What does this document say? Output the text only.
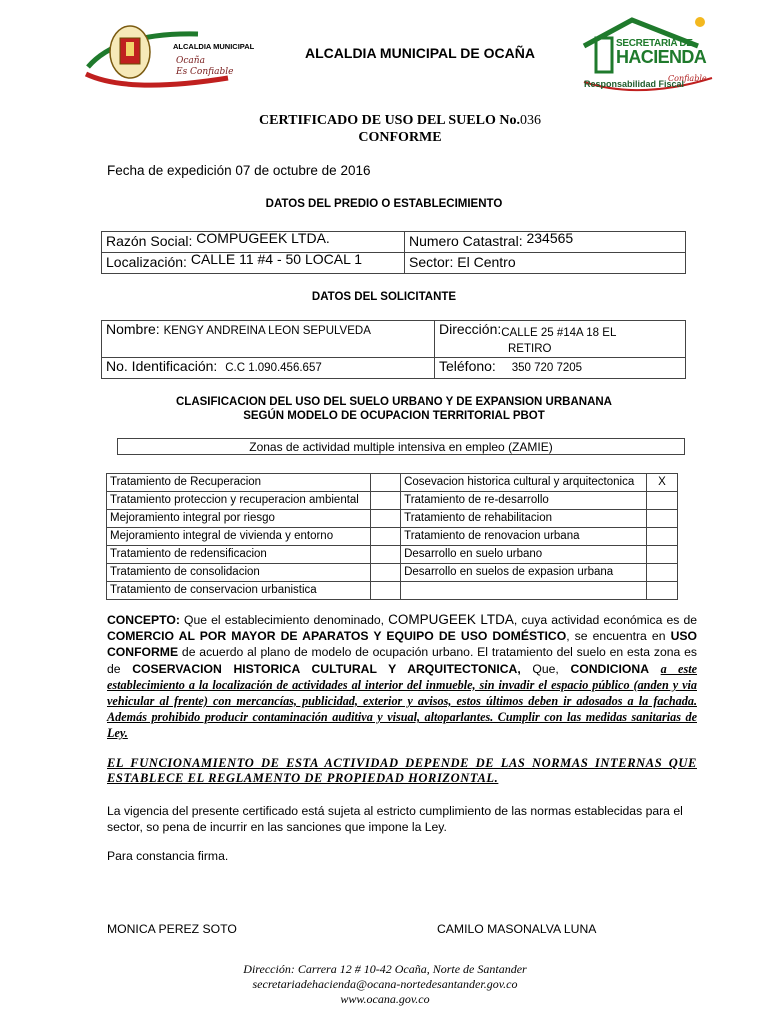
ALCALDIA MUNICIPAL
Ocaña
Es Confiable
ALCALDIA MUNICIPAL DE OCAÑA
SECRETARIA DE
HACIENDA
Responsabilidad Fiscal
Confiable
CERTIFICADO DE USO DEL SUELO No.036
CONFORME
Fecha de expedición 07 de octubre de 2016
DATOS DEL PREDIO O ESTABLECIMIENTO
Razón Social: COMPUGEEK LTDA.	Numero Catastral: 234565
Localización: CALLE 11 #4 - 50 LOCAL 1	Sector: El Centro
DATOS DEL SOLICITANTE
Nombre: KENGY ANDREINA LEON SEPULVEDA	Dirección:CALLE 25 #14A 18 EL
RETIRO
No. Identificación: C.C 1.090.456.657	Teléfono: 350 720 7205
CLASIFICACION DEL USO DEL SUELO URBANO Y DE EXPANSION URBANANA
SEGÚN MODELO DE OCUPACION TERRITORIAL PBOT
Zonas de actividad multiple intensiva en empleo (ZAMIE)
Tratamiento de Recuperacion		Cosevacion historica cultural y arquitectonica	X
Tratamiento proteccion y recuperacion ambiental		Tratamiento de re-desarrollo	
Mejoramiento integral por riesgo		Tratamiento de rehabilitacion	
Mejoramiento integral de vivienda y entorno		Tratamiento de renovacion urbana	
Tratamiento de redensificacion		Desarrollo en suelo urbano	
Tratamiento de consolidacion		Desarrollo en suelos de expasion urbana	
Tratamiento de conservacion urbanistica			
CONCEPTO: Que el establecimiento denominado, COMPUGEEK LTDA, cuya actividad económica es de COMERCIO AL POR MAYOR DE APARATOS Y EQUIPO DE USO DOMÉSTICO, se encuentra en USO CONFORME de acuerdo al plano de modelo de ocupación urbano. El tratamiento del suelo en esta zona es de COSERVACION HISTORICA CULTURAL Y ARQUITECTONICA, Que, CONDICIONA a este establecimiento a la localización de actividades al interior del inmueble, sin invadir el espacio público (anden y via vehicular al frente) con mercancías, publicidad, exterior y avisos, estos últimos deben ir adosados a la fachada. Además prohibido producir contaminación auditiva y visual, altoparlantes. Cumplir con las medidas sanitarias de Ley.
EL FUNCIONAMIENTO DE ESTA ACTIVIDAD DEPENDE DE LAS NORMAS INTERNAS QUE ESTABLECE EL REGLAMENTO DE PROPIEDAD HORIZONTAL.
La vigencia del presente certificado está sujeta al estricto cumplimiento de las normas establecidas para el sector, so pena de incurrir en las sanciones que impone la Ley.
Para constancia firma.
MONICA PEREZ SOTO	CAMILO MASONALVA LUNA
Dirección: Carrera 12 # 10-42 Ocaña, Norte de Santander
secretariadehacienda@ocana-nortedesantander.gov.co
www.ocana.gov.co
